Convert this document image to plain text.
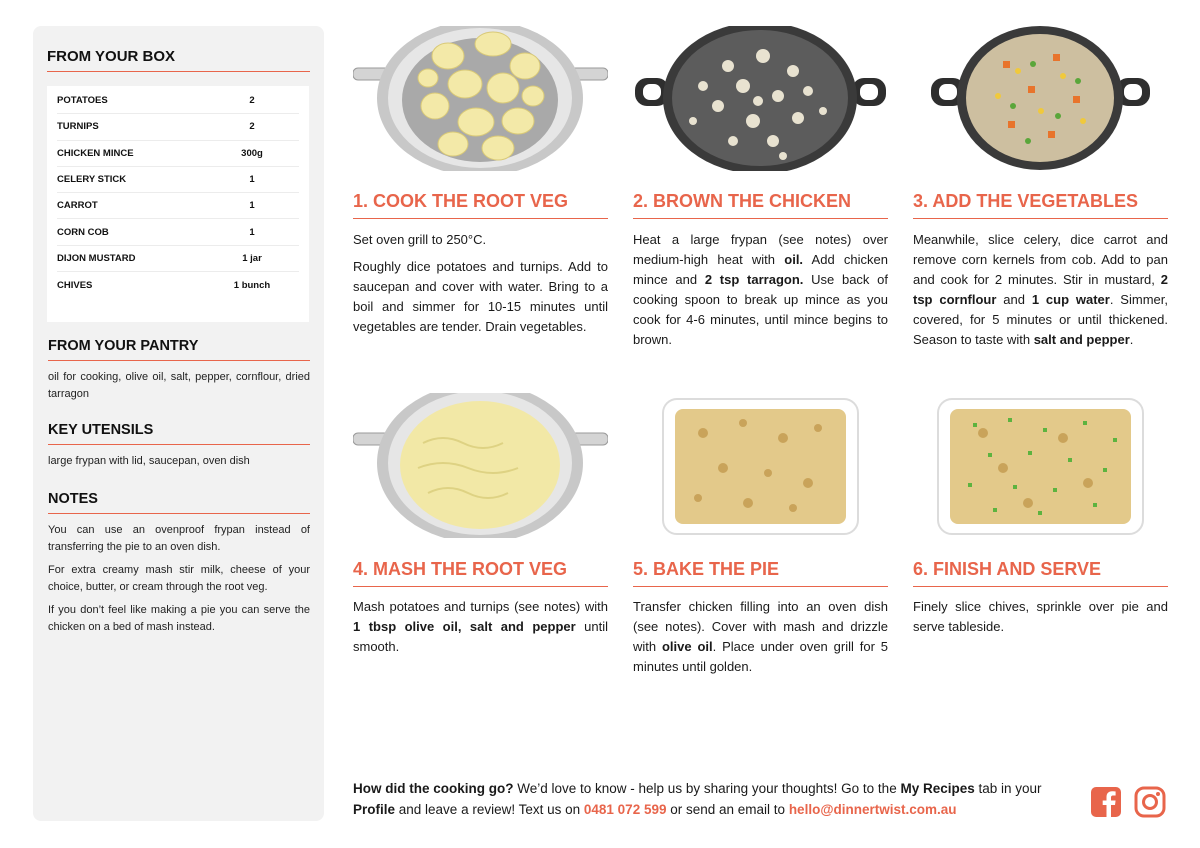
FROM YOUR BOX
POTATOES	2
TURNIPS	2
CHICKEN MINCE	300g
CELERY STICK	1
CARROT	1
CORN COB	1
DIJON MUSTARD	1 jar
CHIVES	1 bunch
FROM YOUR PANTRY
oil for cooking, olive oil, salt, pepper, cornflour, dried tarragon
KEY UTENSILS
large frypan with lid, saucepan, oven dish
NOTES

You can use an ovenproof frypan instead of transferring the pie to an oven dish.

For extra creamy mash stir milk, cheese of your choice, butter, or cream through the root veg.

If you don’t feel like making a pie you can serve the chicken on a bed of mash instead.

1. COOK THE ROOT VEG

Set oven grill to 250°C.

Roughly dice potatoes and turnips. Add to saucepan and cover with water. Bring to a boil and simmer for 10-15 minutes until vegetables are tender. Drain vegetables.

2. BROWN THE CHICKEN

Heat a large frypan (see notes) over medium-high heat with oil. Add chicken mince and 2 tsp tarragon. Use back of cooking spoon to break up mince as you cook for 4-6 minutes, until mince begins to brown.

3. ADD THE VEGETABLES

Meanwhile, slice celery, dice carrot and remove corn kernels from cob. Add to pan and cook for 2 minutes. Stir in mustard, 2 tsp cornflour and 1 cup water. Simmer, covered, for 5 minutes or until thickened. Season to taste with salt and pepper.

4. MASH THE ROOT VEG

Mash potatoes and turnips (see notes) with 1 tbsp olive oil, salt and pepper until smooth.

5. BAKE THE PIE

Transfer chicken filling into an oven dish (see notes). Cover with mash and drizzle with olive oil. Place under oven grill for 5 minutes until golden.

6. FINISH AND SERVE

Finely slice chives, sprinkle over pie and serve tableside.

How did the cooking go? We’d love to know - help us by sharing your thoughts! Go to the My Recipes tab in your Profile and leave a review! Text us on 0481 072 599 or send an email to hello@dinnertwist.com.au
